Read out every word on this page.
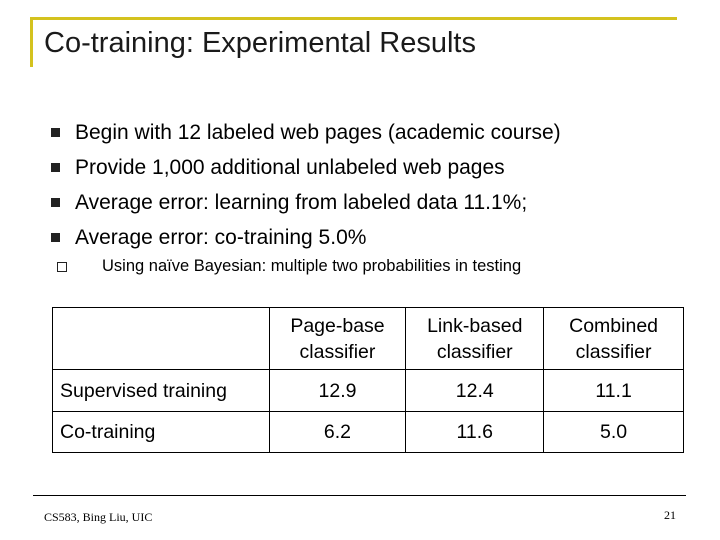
Co-training: Experimental Results
Begin with 12 labeled web pages (academic course)
Provide 1,000 additional unlabeled web pages
Average error: learning from labeled data 11.1%;
Average error: co-training 5.0%
Using naïve Bayesian: multiple two probabilities in testing
	Page-base classifier	Link-based classifier	Combined classifier
Supervised training	12.9	12.4	11.1
Co-training	6.2	11.6	5.0
CS583, Bing Liu, UIC	21
